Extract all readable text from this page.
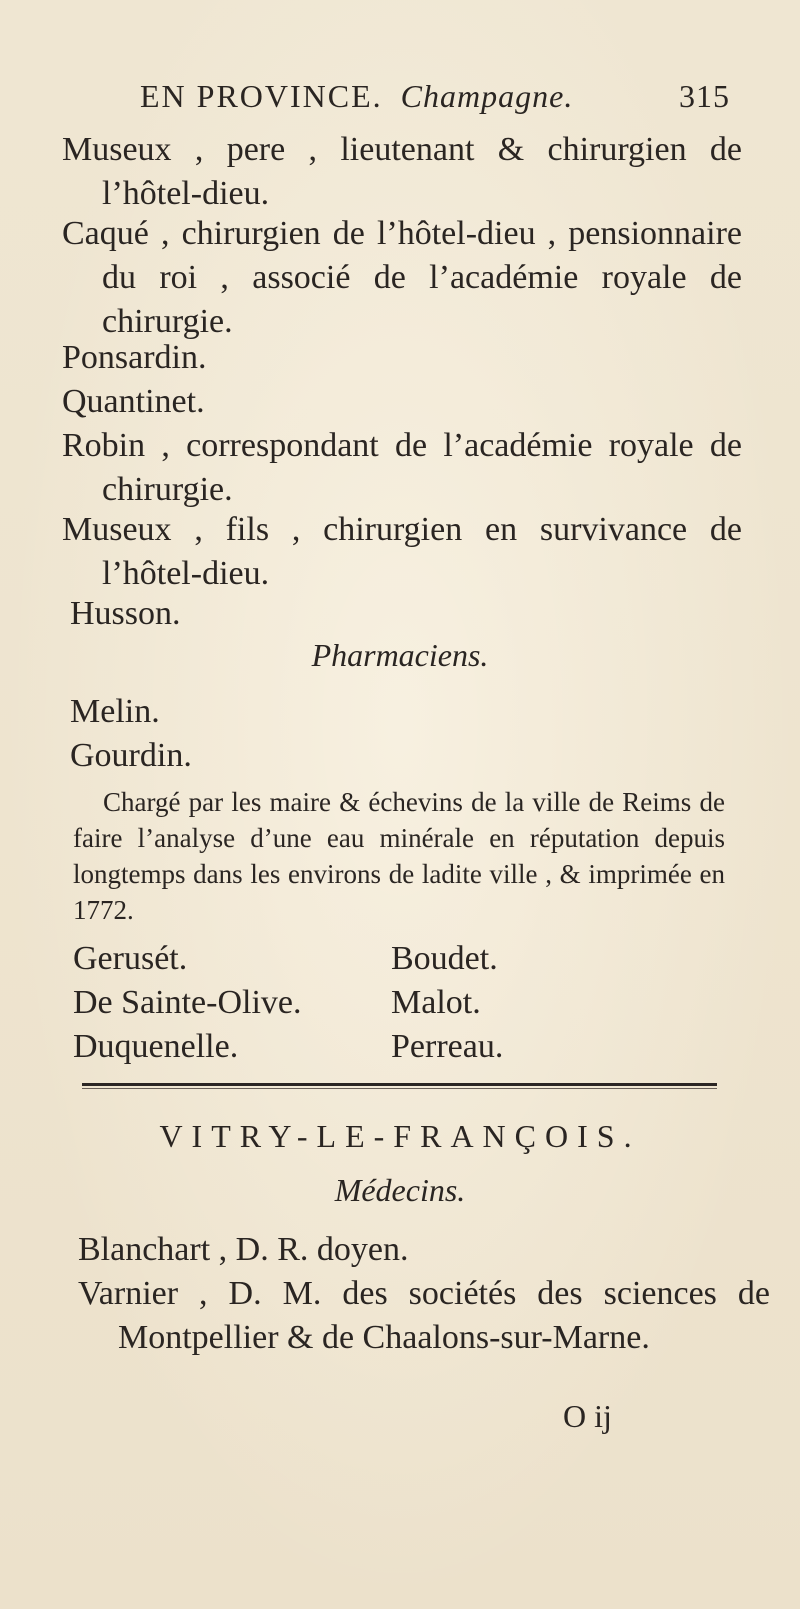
EN PROVINCE. Champagne.	315
Museux , pere , lieutenant & chirurgien de l’hôtel-dieu.
Caqué , chirurgien de l’hôtel-dieu , pensionnaire du roi , associé de l’académie royale de chirurgie.
Ponsardin.
Quantinet.
Robin , correspondant de l’académie royale de chirurgie.
Museux , fils , chirurgien en survivance de l’hôtel-dieu.
Husson.
Pharmaciens.
Melin.
Gourdin.
Chargé par les maire & échevins de la ville de Reims de faire l’analyse d’une eau minérale en réputation depuis longtemps dans les environs de ladite ville , & imprimée en 1772.
Gerusét.	Boudet.
De Sainte-Olive.	Malot.
Duquenelle.	Perreau.
VITRY-LE-FRANÇOIS.
Médecins.
Blanchart , D. R. doyen.
Varnier , D. M. des sociétés des sciences de Montpellier & de Chaalons-sur-Marne.
O ij
